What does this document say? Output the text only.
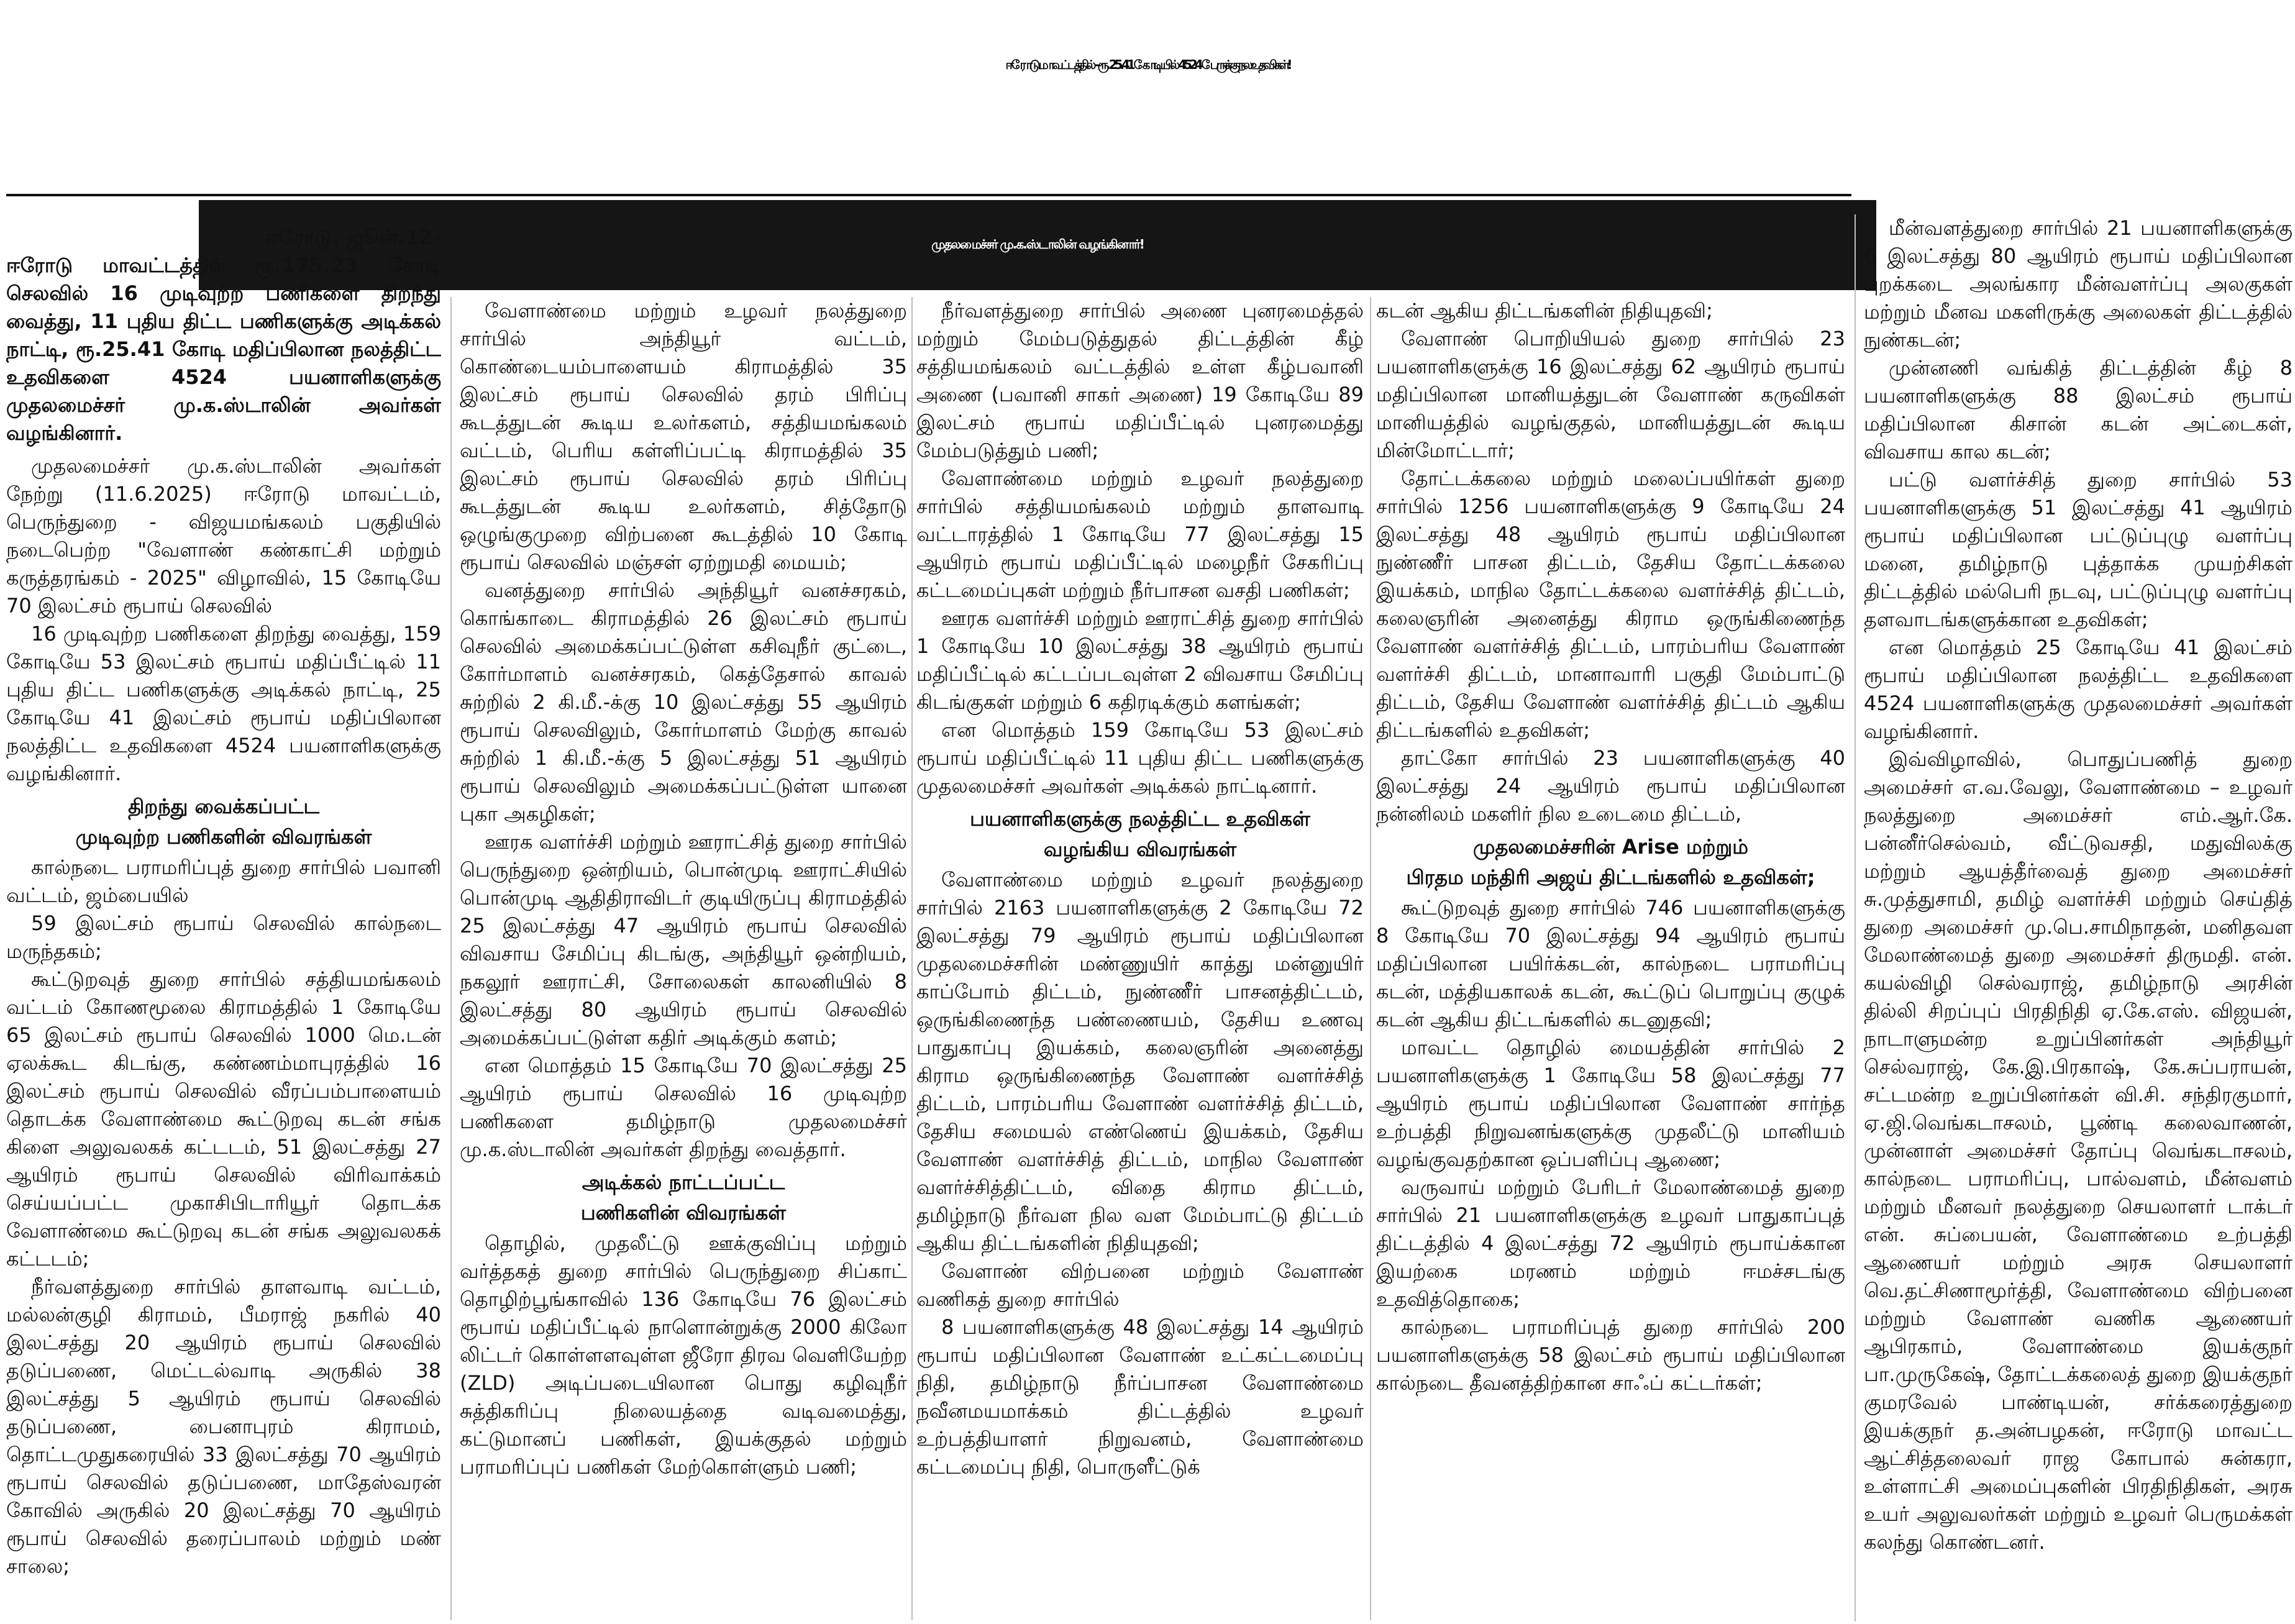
ஈரோடு மாவட்டத்தில் - ரூ. 25.41 கோடியில் 4524 பேருக்கு நலஉதவிகள்!
முதலமைச்சர் மு.க.ஸ்டாலின் வழங்கினார்!

ஈரோடு, ஜூன்.12-

ஈரோடு மாவட்டத்தில் ரூ.175.23 கோடி செலவில் 16 முடிவுற்ற பணிகளை திறந்து வைத்து, 11 புதிய திட்ட பணிகளுக்கு அடிக்கல் நாட்டி, ரூ.25.41 கோடி மதிப்பிலான நலத்திட்ட உதவிகளை 4524 பயனாளிகளுக்கு முதலமைச்சர் மு.க.ஸ்டாலின் அவர்கள் வழங்கினார்.

முதலமைச்சர் மு.க.ஸ்டாலின் அவர்கள் நேற்று (11.6.2025) ஈரோடு மாவட்டம், பெருந்துறை - விஜயமங்கலம் பகுதியில் நடைபெற்ற "வேளாண் கண்காட்சி மற்றும் கருத்தரங்கம் - 2025" விழாவில், 15 கோடியே 70 இலட்சம் ரூபாய் செலவில்

16 முடிவுற்ற பணிகளை திறந்து வைத்து, 159 கோடியே 53 இலட்சம் ரூபாய் மதிப்பீட்டில் 11 புதிய திட்ட பணிகளுக்கு அடிக்கல் நாட்டி, 25 கோடியே 41 இலட்சம் ரூபாய் மதிப்பிலான நலத்திட்ட உதவிகளை 4524 பயனாளிகளுக்கு வழங்கினார்.

திறந்து வைக்கப்பட்ட

முடிவுற்ற பணிகளின் விவரங்கள்

கால்நடை பராமரிப்புத் துறை சார்பில் பவானி வட்டம், ஜம்பையில்

59 இலட்சம் ரூபாய் செலவில் கால்நடை மருந்தகம்;

கூட்டுறவுத் துறை சார்பில் சத்தியமங்கலம் வட்டம் கோணமூலை கிராமத்தில் 1 கோடியே 65 இலட்சம் ரூபாய் செலவில் 1000 மெ.டன் ஏலக்கூட கிடங்கு, கண்ணம்மாபுரத்தில் 16 இலட்சம் ரூபாய் செலவில் வீரப்பம்பாளையம் தொடக்க வேளாண்மை கூட்டுறவு கடன் சங்க கிளை அலுவலகக் கட்டடம், 51 இலட்சத்து 27 ஆயிரம் ரூபாய் செலவில் விரிவாக்கம் செய்யப்பட்ட முகாசிபிடாரியூர் தொடக்க வேளாண்மை கூட்டுறவு கடன் சங்க அலுவலகக் கட்டடம்;

நீர்வளத்துறை சார்பில் தாளவாடி வட்டம், மல்லன்குழி கிராமம், பீமராஜ் நகரில் 40 இலட்சத்து 20 ஆயிரம் ரூபாய் செலவில் தடுப்பணை, மெட்டல்வாடி அருகில் 38 இலட்சத்து 5 ஆயிரம் ரூபாய் செலவில் தடுப்பணை, பைனாபுரம் கிராமம், தொட்டமுதுகரையில் 33 இலட்சத்து 70 ஆயிரம் ரூபாய் செலவில் தடுப்பணை, மாதேஸ்வரன் கோவில் அருகில் 20 இலட்சத்து 70 ஆயிரம் ரூபாய் செலவில் தரைப்பாலம் மற்றும் மண் சாலை;

வேளாண்மை மற்றும் உழவர் நலத்துறை சார்பில் அந்தியூர் வட்டம், கொண்டையம்பாளையம் கிராமத்தில் 35 இலட்சம் ரூபாய் செலவில் தரம் பிரிப்பு கூடத்துடன் கூடிய உலர்களம், சத்தியமங்கலம் வட்டம், பெரிய கள்ளிப்பட்டி கிராமத்தில் 35 இலட்சம் ரூபாய் செலவில் தரம் பிரிப்பு கூடத்துடன் கூடிய உலர்களம், சித்தோடு ஒழுங்குமுறை விற்பனை கூடத்தில் 10 கோடி ரூபாய் செலவில் மஞ்சள் ஏற்றுமதி மையம்;

வனத்துறை சார்பில் அந்தியூர் வனச்சரகம், கொங்காடை கிராமத்தில் 26 இலட்சம் ரூபாய் செலவில் அமைக்கப்பட்டுள்ள கசிவுநீர் குட்டை, கோர்மாளம் வனச்சரகம், கெத்தேசால் காவல் சுற்றில் 2 கி.மீ.-க்கு 10 இலட்சத்து 55 ஆயிரம் ரூபாய் செலவிலும், கோர்மாளம் மேற்கு காவல் சுற்றில் 1 கி.மீ.-க்கு 5 இலட்சத்து 51 ஆயிரம் ரூபாய் செலவிலும் அமைக்கப்பட்டுள்ள யானை புகா அகழிகள்;

ஊரக வளர்ச்சி மற்றும் ஊராட்சித் துறை சார்பில் பெருந்துறை ஒன்றியம், பொன்முடி ஊராட்சியில் பொன்முடி ஆதிதிராவிடர் குடியிருப்பு கிராமத்தில் 25 இலட்சத்து 47 ஆயிரம் ரூபாய் செலவில் விவசாய சேமிப்பு கிடங்கு, அந்தியூர் ஒன்றியம், நகலூர் ஊராட்சி, சோலைகள் காலனியில் 8 இலட்சத்து 80 ஆயிரம் ரூபாய் செலவில் அமைக்கப்பட்டுள்ள கதிர் அடிக்கும் களம்;

என மொத்தம் 15 கோடியே 70 இலட்சத்து 25 ஆயிரம் ரூபாய் செலவில் 16 முடிவுற்ற பணிகளை தமிழ்நாடு முதலமைச்சர் மு.க.ஸ்டாலின் அவர்கள் திறந்து வைத்தார்.

அடிக்கல் நாட்டப்பட்ட

பணிகளின் விவரங்கள்

தொழில், முதலீட்டு ஊக்குவிப்பு மற்றும் வர்த்தகத் துறை சார்பில் பெருந்துறை சிப்காட் தொழிற்பூங்காவில் 136 கோடியே 76 இலட்சம் ரூபாய் மதிப்பீட்டில் நாளொன்றுக்கு 2000 கிலோ லிட்டர் கொள்ளளவுள்ள ஜீரோ திரவ வெளியேற்ற (ZLD) அடிப்படையிலான பொது கழிவுநீர் சுத்திகரிப்பு நிலையத்தை வடிவமைத்து, கட்டுமானப் பணிகள், இயக்குதல் மற்றும் பராமரிப்புப் பணிகள் மேற்கொள்ளும் பணி;

நீர்வளத்துறை சார்பில் அணை புனரமைத்தல் மற்றும் மேம்படுத்துதல் திட்டத்தின் கீழ் சத்தியமங்கலம் வட்டத்தில் உள்ள கீழ்பவானி அணை (பவானி சாகர் அணை) 19 கோடியே 89 இலட்சம் ரூபாய் மதிப்பீட்டில் புனரமைத்து மேம்படுத்தும் பணி;

வேளாண்மை மற்றும் உழவர் நலத்துறை சார்பில் சத்தியமங்கலம் மற்றும் தாளவாடி வட்டாரத்தில் 1 கோடியே 77 இலட்சத்து 15 ஆயிரம் ரூபாய் மதிப்பீட்டில் மழைநீர் சேகரிப்பு கட்டமைப்புகள் மற்றும் நீர்பாசன வசதி பணிகள்;

ஊரக வளர்ச்சி மற்றும் ஊராட்சித் துறை சார்பில் 1 கோடியே 10 இலட்சத்து 38 ஆயிரம் ரூபாய் மதிப்பீட்டில் கட்டப்படவுள்ள 2 விவசாய சேமிப்பு கிடங்குகள் மற்றும் 6 கதிரடிக்கும் களங்கள்;

என மொத்தம் 159 கோடியே 53 இலட்சம் ரூபாய் மதிப்பீட்டில் 11 புதிய திட்ட பணிகளுக்கு முதலமைச்சர் அவர்கள் அடிக்கல் நாட்டினார்.

பயனாளிகளுக்கு நலத்திட்ட உதவிகள்

வழங்கிய விவரங்கள்

வேளாண்மை மற்றும் உழவர் நலத்துறை சார்பில் 2163 பயனாளிகளுக்கு 2 கோடியே 72 இலட்சத்து 79 ஆயிரம் ரூபாய் மதிப்பிலான முதலமைச்சரின் மண்ணுயிர் காத்து மன்னுயிர் காப்போம் திட்டம், நுண்ணீர் பாசனத்திட்டம், ஒருங்கிணைந்த பண்ணையம், தேசிய உணவு பாதுகாப்பு இயக்கம், கலைஞரின் அனைத்து கிராம ஒருங்கிணைந்த வேளாண் வளர்ச்சித் திட்டம், பாரம்பரிய வேளாண் வளர்ச்சித் திட்டம், தேசிய சமையல் எண்ணெய் இயக்கம், தேசிய வேளாண் வளர்ச்சித் திட்டம், மாநில வேளாண் வளர்ச்சித்திட்டம், விதை கிராம திட்டம், தமிழ்நாடு நீர்வள நில வள மேம்பாட்டு திட்டம் ஆகிய திட்டங்களின் நிதியுதவி;

வேளாண் விற்பனை மற்றும் வேளாண் வணிகத் துறை சார்பில்

8 பயனாளிகளுக்கு 48 இலட்சத்து 14 ஆயிரம் ரூபாய் மதிப்பிலான வேளாண் உட்கட்டமைப்பு நிதி, தமிழ்நாடு நீர்ப்பாசன வேளாண்மை நவீனமயமாக்கம் திட்டத்தில் உழவர் உற்பத்தியாளர் நிறுவனம், வேளாண்மை கட்டமைப்பு நிதி, பொருளீட்டுக்

கடன் ஆகிய திட்டங்களின் நிதியுதவி;

வேளாண் பொறியியல் துறை சார்பில் 23 பயனாளிகளுக்கு 16 இலட்சத்து 62 ஆயிரம் ரூபாய் மதிப்பிலான மானியத்துடன் வேளாண் கருவிகள் மானியத்தில் வழங்குதல், மானியத்துடன் கூடிய மின்மோட்டார்;

தோட்டக்கலை மற்றும் மலைப்பயிர்கள் துறை சார்பில் 1256 பயனாளிகளுக்கு 9 கோடியே 24 இலட்சத்து 48 ஆயிரம் ரூபாய் மதிப்பிலான நுண்ணீர் பாசன திட்டம், தேசிய தோட்டக்கலை இயக்கம், மாநில தோட்டக்கலை வளர்ச்சித் திட்டம், கலைஞரின் அனைத்து கிராம ஒருங்கிணைந்த வேளாண் வளர்ச்சித் திட்டம், பாரம்பரிய வேளாண் வளர்ச்சி திட்டம், மானாவாரி பகுதி மேம்பாட்டு திட்டம், தேசிய வேளாண் வளர்ச்சித் திட்டம் ஆகிய திட்டங்களில் உதவிகள்;

தாட்கோ சார்பில் 23 பயனாளிகளுக்கு 40 இலட்சத்து 24 ஆயிரம் ரூபாய் மதிப்பிலான நன்னிலம் மகளிர் நில உடைமை திட்டம்,

முதலமைச்சரின் Arise மற்றும்

பிரதம மந்திரி அஜய் திட்டங்களில் உதவிகள்;

கூட்டுறவுத் துறை சார்பில் 746 பயனாளிகளுக்கு 8 கோடியே 70 இலட்சத்து 94 ஆயிரம் ரூபாய் மதிப்பிலான பயிர்க்கடன், கால்நடை பராமரிப்பு கடன், மத்தியகாலக் கடன், கூட்டுப் பொறுப்பு குழுக் கடன் ஆகிய திட்டங்களில் கடனுதவி;

மாவட்ட தொழில் மையத்தின் சார்பில் 2 பயனாளிகளுக்கு 1 கோடியே 58 இலட்சத்து 77 ஆயிரம் ரூபாய் மதிப்பிலான வேளாண் சார்ந்த உற்பத்தி நிறுவனங்களுக்கு முதலீட்டு மானியம் வழங்குவதற்கான ஒப்பளிப்பு ஆணை;

வருவாய் மற்றும் பேரிடர் மேலாண்மைத் துறை சார்பில் 21 பயனாளிகளுக்கு உழவர் பாதுகாப்புத் திட்டத்தில் 4 இலட்சத்து 72 ஆயிரம் ரூபாய்க்கான இயற்கை மரணம் மற்றும் ஈமச்சடங்கு உதவித்தொகை;

கால்நடை பராமரிப்புத் துறை சார்பில் 200 பயனாளிகளுக்கு 58 இலட்சம் ரூபாய் மதிப்பிலான கால்நடை தீவனத்திற்கான சாஃப் கட்டர்கள்;

மீன்வளத்துறை சார்பில் 21 பயனாளிகளுக்கு 6 இலட்சத்து 80 ஆயிரம் ரூபாய் மதிப்பிலான புறக்கடை அலங்கார மீன்வளர்ப்பு அலகுகள் மற்றும் மீனவ மகளிருக்கு அலைகள் திட்டத்தில் நுண்கடன்;

முன்னணி வங்கித் திட்டத்தின் கீழ் 8 பயனாளிகளுக்கு 88 இலட்சம் ரூபாய் மதிப்பிலான கிசான் கடன் அட்டைகள், விவசாய கால கடன்;

பட்டு வளர்ச்சித் துறை சார்பில் 53 பயனாளிகளுக்கு 51 இலட்சத்து 41 ஆயிரம் ரூபாய் மதிப்பிலான பட்டுப்புழு வளர்ப்பு மனை, தமிழ்நாடு புத்தாக்க முயற்சிகள் திட்டத்தில் மல்பெரி நடவு, பட்டுப்புழு வளர்ப்பு தளவாடங்களுக்கான உதவிகள்;

என மொத்தம் 25 கோடியே 41 இலட்சம் ரூபாய் மதிப்பிலான நலத்திட்ட உதவிகளை 4524 பயனாளிகளுக்கு முதலமைச்சர் அவர்கள் வழங்கினார்.

இவ்விழாவில், பொதுப்பணித் துறை அமைச்சர் எ.வ.வேலு, வேளாண்மை – உழவர் நலத்துறை அமைச்சர் எம்.ஆர்.கே. பன்னீர்செல்வம், வீட்டுவசதி, மதுவிலக்கு மற்றும் ஆயத்தீர்வைத் துறை அமைச்சர் சு.முத்துசாமி, தமிழ் வளர்ச்சி மற்றும் செய்தித் துறை அமைச்சர் மு.பெ.சாமிநாதன், மனிதவள மேலாண்மைத் துறை அமைச்சர் திருமதி. என். கயல்விழி செல்வராஜ், தமிழ்நாடு அரசின் தில்லி சிறப்புப் பிரதிநிதி ஏ.கே.எஸ். விஜயன், நாடாளுமன்ற உறுப்பினர்கள் அந்தியூர் செல்வராஜ், கே.இ.பிரகாஷ், கே.சுப்பராயன், சட்டமன்ற உறுப்பினர்கள் வி.சி. சந்திரகுமார், ஏ.ஜி.வெங்கடாசலம், பூண்டி கலைவாணன், முன்னாள் அமைச்சர் தோப்பு வெங்கடாசலம், கால்நடை பராமரிப்பு, பால்வளம், மீன்வளம் மற்றும் மீனவர் நலத்துறை செயலாளர் டாக்டர் என். சுப்பையன், வேளாண்மை உற்பத்தி ஆணையர் மற்றும் அரசு செயலாளர் வெ.தட்சிணாமூர்த்தி, வேளாண்மை விற்பனை மற்றும் வேளாண் வணிக ஆணையர் ஆபிரகாம், வேளாண்மை இயக்குநர் பா.முருகேஷ், தோட்டக்கலைத் துறை இயக்குநர் குமரவேல் பாண்டியன், சர்க்கரைத்துறை இயக்குநர் த.அன்பழகன், ஈரோடு மாவட்ட ஆட்சித்தலைவர் ராஜ கோபால் சுன்கரா, உள்ளாட்சி அமைப்புகளின் பிரதிநிதிகள், அரசு உயர் அலுவலர்கள் மற்றும் உழவர் பெருமக்கள் கலந்து கொண்டனர்.
